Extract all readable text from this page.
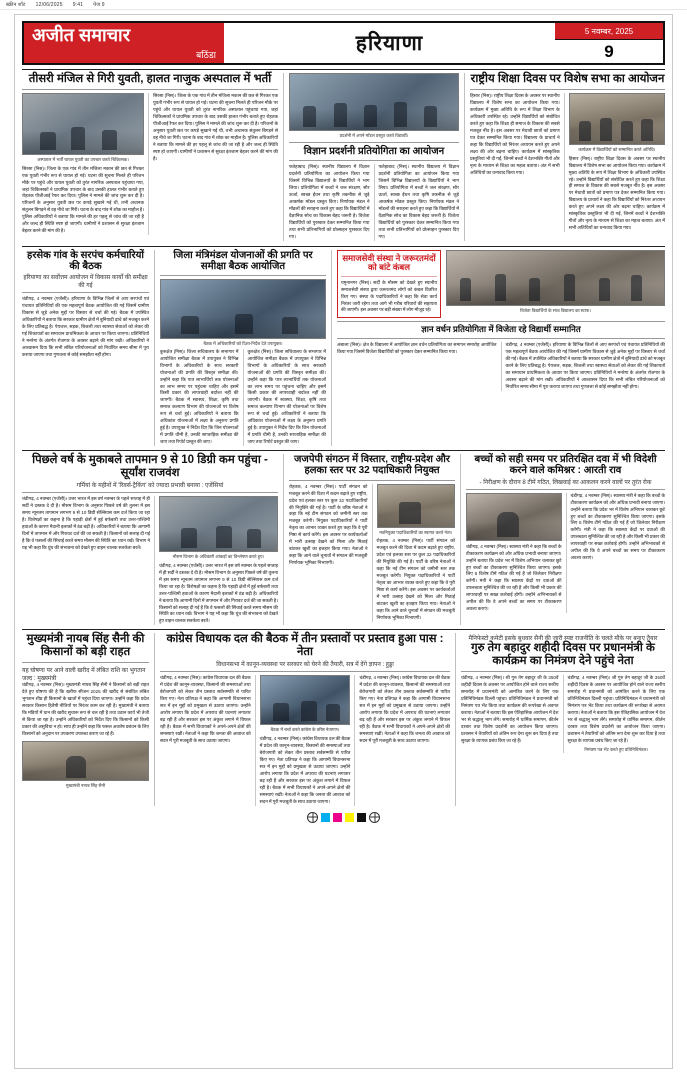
स्क्रीन शॉट 12/06/2025 9:41 पेज 9
अजीत समाचार
बठिंडा	हरियाणा
5 नवम्बर, 2025
9
तीसरी मंजिल से गिरी युवती, हालत नाजुक अस्पताल में भर्ती
अस्पताल में भर्ती घायल युवती का उपचार करते चिकित्सक।
सिरसा (निस)। जिला के एक गांव में तीन मंजिला मकान की छत से गिरकर एक युवती गंभीर रूप से घायल हो गई। घटना की सूचना मिलते ही परिजन मौके पर पहुंचे और घायल युवती को तुरंत नागरिक अस्पताल पहुंचाया गया, जहां चिकित्सकों ने प्राथमिक उपचार के बाद उसकी हालत गंभीर बताते हुए रोहतक पीजीआई रैफर कर दिया। पुलिस ने मामले की जांच शुरू कर दी है। परिजनों के अनुसार युवती छत पर कपड़े सुखाने गई थी, तभी अचानक संतुलन बिगड़ने से वह नीचे जा गिरी। घटना के बाद गांव में शोक का माहौल है। पुलिस अधिकारियों ने बताया कि मामले की हर पहलू से जांच की जा रही है और जल्द ही स्थिति स्पष्ट हो जाएगी। ग्रामीणों ने प्रशासन से सुरक्षा इंतजाम बेहतर करने की मांग की है।
सिरसा (निस)। जिला के एक गांव में तीन मंजिला मकान की छत से गिरकर एक युवती गंभीर रूप से घायल हो गई। घटना की सूचना मिलते ही परिजन मौके पर पहुंचे और घायल युवती को तुरंत नागरिक अस्पताल पहुंचाया गया, जहां चिकित्सकों ने प्राथमिक उपचार के बाद उसकी हालत गंभीर बताते हुए रोहतक पीजीआई रैफर कर दिया। पुलिस ने मामले की जांच शुरू कर दी है। परिजनों के अनुसार युवती छत पर कपड़े सुखाने गई थी, तभी अचानक संतुलन बिगड़ने से वह नीचे जा गिरी। घटना के बाद गांव में शोक का माहौल है। पुलिस अधिकारियों ने बताया कि मामले की हर पहलू से जांच की जा रही है और जल्द ही स्थिति स्पष्ट हो जाएगी। ग्रामीणों ने प्रशासन से सुरक्षा इंतजाम बेहतर करने की मांग की है।
प्रदर्शनी में अपने मॉडल प्रस्तुत करते विद्यार्थी।
विज्ञान प्रदर्शनी प्रतियोगिता का आयोजन
फतेहाबाद (निस)। स्थानीय विद्यालय में विज्ञान प्रदर्शनी प्रतियोगिता का आयोजन किया गया जिसमें विभिन्न विद्यालयों के विद्यार्थियों ने भाग लिया। प्रतियोगिता में बच्चों ने जल संरक्षण, सौर ऊर्जा, स्वच्छ ईंधन तथा कृषि तकनीक से जुड़े आकर्षक मॉडल प्रस्तुत किए। निर्णायक मंडल ने मॉडलों की सराहना करते हुए कहा कि विद्यार्थियों में वैज्ञानिक सोच का विकास बेहद जरूरी है। विजेता विद्यार्थियों को पुरस्कार देकर सम्मानित किया गया तथा सभी प्रतिभागियों को प्रोत्साहन पुरस्कार दिए गए।
फतेहाबाद (निस)। स्थानीय विद्यालय में विज्ञान प्रदर्शनी प्रतियोगिता का आयोजन किया गया जिसमें विभिन्न विद्यालयों के विद्यार्थियों ने भाग लिया। प्रतियोगिता में बच्चों ने जल संरक्षण, सौर ऊर्जा, स्वच्छ ईंधन तथा कृषि तकनीक से जुड़े आकर्षक मॉडल प्रस्तुत किए। निर्णायक मंडल ने मॉडलों की सराहना करते हुए कहा कि विद्यार्थियों में वैज्ञानिक सोच का विकास बेहद जरूरी है। विजेता विद्यार्थियों को पुरस्कार देकर सम्मानित किया गया तथा सभी प्रतिभागियों को प्रोत्साहन पुरस्कार दिए गए।
राष्ट्रीय शिक्षा दिवस पर विशेष सभा का आयोजन
हिसार (निस)। राष्ट्रीय शिक्षा दिवस के अवसर पर स्थानीय विद्यालय में विशेष सभा का आयोजन किया गया। कार्यक्रम में मुख्य अतिथि के रूप में शिक्षा विभाग के अधिकारी उपस्थित रहे। उन्होंने विद्यार्थियों को संबोधित करते हुए कहा कि शिक्षा ही समाज के विकास की सबसे मजबूत नींव है। इस अवसर पर मेधावी छात्रों को प्रमाण पत्र देकर सम्मानित किया गया। विद्यालय के प्राचार्य ने कहा कि विद्यार्थियों को निरंतर अध्ययन करते हुए अपने लक्ष्य की ओर बढ़ना चाहिए। कार्यक्रम में सांस्कृतिक प्रस्तुतियां भी दी गईं, जिनमें बच्चों ने देशभक्ति गीतों और नृत्य के माध्यम से शिक्षा का महत्व बताया। अंत में सभी अतिथियों का धन्यवाद किया गया।
कार्यक्रम में विद्यार्थियों को सम्मानित करते अतिथि।
हिसार (निस)। राष्ट्रीय शिक्षा दिवस के अवसर पर स्थानीय विद्यालय में विशेष सभा का आयोजन किया गया। कार्यक्रम में मुख्य अतिथि के रूप में शिक्षा विभाग के अधिकारी उपस्थित रहे। उन्होंने विद्यार्थियों को संबोधित करते हुए कहा कि शिक्षा ही समाज के विकास की सबसे मजबूत नींव है। इस अवसर पर मेधावी छात्रों को प्रमाण पत्र देकर सम्मानित किया गया। विद्यालय के प्राचार्य ने कहा कि विद्यार्थियों को निरंतर अध्ययन करते हुए अपने लक्ष्य की ओर बढ़ना चाहिए। कार्यक्रम में सांस्कृतिक प्रस्तुतियां भी दी गईं, जिनमें बच्चों ने देशभक्ति गीतों और नृत्य के माध्यम से शिक्षा का महत्व बताया। अंत में सभी अतिथियों का धन्यवाद किया गया।
हरसेक गांव के सरपंच कर्मचारियों की बैठक
हरियाणा का सर्वोत्तम आयोजन में विकास कार्यों की समीक्षा की गई
चंडीगढ़, 4 नवम्बर (एजेंसी)। हरियाणा के विभिन्न जिलों से आए सरपंचों एवं पंचायत प्रतिनिधियों की एक महत्वपूर्ण बैठक आयोजित की गई जिसमें ग्रामीण विकास से जुड़े अनेक मुद्दों पर विस्तार से चर्चा की गई। बैठक में उपस्थित अधिकारियों ने बताया कि सरकार ग्रामीण क्षेत्रों में बुनियादी ढांचे को मजबूत करने के लिए प्रतिबद्ध है। पेयजल, सड़क, बिजली तथा स्वास्थ्य सेवाओं को लेकर की गई शिकायतों का समाधान प्राथमिकता के आधार पर किया जाएगा। प्रतिनिधियों ने मनरेगा के अंतर्गत रोजगार के अवसर बढ़ाने की मांग रखी। अधिकारियों ने आश्वासन दिया कि सभी लंबित परियोजनाओं को निर्धारित समय सीमा में पूरा कराया जाएगा तथा गुणवत्ता से कोई समझौता नहीं होगा।
जिला मंत्रिमंडल योजनाओं की प्रगति पर समीक्षा बैठक आयोजित
बैठक में अधिकारियों को दिशा-निर्देश देते उपायुक्त।
कुरुक्षेत्र (निस)। जिला सचिवालय के सभागार में आयोजित समीक्षा बैठक में उपायुक्त ने विभिन्न विभागों के अधिकारियों के साथ सरकारी योजनाओं की प्रगति की विस्तृत समीक्षा की। उन्होंने कहा कि पात्र लाभार्थियों तक योजनाओं का लाभ समय पर पहुंचना चाहिए और इसमें किसी प्रकार की लापरवाही बर्दाश्त नहीं की जाएगी। बैठक में स्वास्थ्य, शिक्षा, कृषि तथा समाज कल्याण विभाग की योजनाओं पर विशेष रूप से चर्चा हुई। अधिकारियों ने बताया कि अधिकांश योजनाओं में लक्ष्य के अनुरूप प्रगति हुई है। उपायुक्त ने निर्देश दिए कि जिन योजनाओं में प्रगति धीमी है, उनकी साप्ताहिक समीक्षा की जाए तथा रिपोर्ट प्रस्तुत की जाए।
कुरुक्षेत्र (निस)। जिला सचिवालय के सभागार में आयोजित समीक्षा बैठक में उपायुक्त ने विभिन्न विभागों के अधिकारियों के साथ सरकारी योजनाओं की प्रगति की विस्तृत समीक्षा की। उन्होंने कहा कि पात्र लाभार्थियों तक योजनाओं का लाभ समय पर पहुंचना चाहिए और इसमें किसी प्रकार की लापरवाही बर्दाश्त नहीं की जाएगी। बैठक में स्वास्थ्य, शिक्षा, कृषि तथा समाज कल्याण विभाग की योजनाओं पर विशेष रूप से चर्चा हुई। अधिकारियों ने बताया कि अधिकांश योजनाओं में लक्ष्य के अनुरूप प्रगति हुई है। उपायुक्त ने निर्देश दिए कि जिन योजनाओं में प्रगति धीमी है, उनकी साप्ताहिक समीक्षा की जाए तथा रिपोर्ट प्रस्तुत की जाए।
समाजसेवी संस्था ने जरूरतमंदों को बांटे कंबल
यमुनानगर (निस)। सर्दी के मौसम को देखते हुए स्थानीय समाजसेवी संस्था द्वारा जरूरतमंद लोगों को कंबल वितरित किए गए। संस्था के पदाधिकारियों ने कहा कि सेवा कार्य निरंतर जारी रहेगा तथा आगे भी गरीब परिवारों की सहायता की जाएगी। इस अवसर पर बड़ी संख्या में लोग मौजूद रहे।	विजेता विद्यार्थियों के साथ विद्यालय का स्टाफ।
ज्ञान वर्धन प्रतियोगिता में विजेता रहे विद्यार्थी सम्मानित
अंबाला (निस)। क्षेत्र के विद्यालय में आयोजित ज्ञान वर्धन प्रतियोगिता का समापन समारोह आयोजित किया गया जिसमें विजेता विद्यार्थियों को पुरस्कार देकर सम्मानित किया गया।
चंडीगढ़, 4 नवम्बर (एजेंसी)। हरियाणा के विभिन्न जिलों से आए सरपंचों एवं पंचायत प्रतिनिधियों की एक महत्वपूर्ण बैठक आयोजित की गई जिसमें ग्रामीण विकास से जुड़े अनेक मुद्दों पर विस्तार से चर्चा की गई। बैठक में उपस्थित अधिकारियों ने बताया कि सरकार ग्रामीण क्षेत्रों में बुनियादी ढांचे को मजबूत करने के लिए प्रतिबद्ध है। पेयजल, सड़क, बिजली तथा स्वास्थ्य सेवाओं को लेकर की गई शिकायतों का समाधान प्राथमिकता के आधार पर किया जाएगा। प्रतिनिधियों ने मनरेगा के अंतर्गत रोजगार के अवसर बढ़ाने की मांग रखी। अधिकारियों ने आश्वासन दिया कि सभी लंबित परियोजनाओं को निर्धारित समय सीमा में पूरा कराया जाएगा तथा गुणवत्ता से कोई समझौता नहीं होगा।
पिछले वर्ष के मुकाबले तापमान 9 से 10 डिग्री कम पहुंचा - सूर्यांश राजवंश
गर्मियां के महीनों में 'रिवर्स-ट्रैकिंग' को ज्यादा प्रभावी बनाया : एजेंसियां
चंडीगढ़, 4 नवम्बर (एजेंसी)। उत्तर भारत में इस वर्ष नवम्बर के पहले सप्ताह में ही सर्दी ने दस्तक दे दी है। मौसम विभाग के अनुसार पिछले वर्ष की तुलना में इस समय न्यूनतम तापमान लगभग 9 से 10 डिग्री सेल्सियस कम दर्ज किया जा रहा है। विशेषज्ञों का कहना है कि पहाड़ी क्षेत्रों में हुई बर्फबारी तथा उत्तर-पश्चिमी हवाओं के कारण मैदानी इलाकों में ठंड बढ़ी है। अधिकारियों ने बताया कि आगामी दिनों में तापमान में और गिरावट दर्ज की जा सकती है। किसानों को सलाह दी गई है कि वे फसलों की सिंचाई करते समय मौसम की स्थिति का ध्यान रखें। विभाग ने यह भी कहा कि धुंध की संभावना को देखते हुए वाहन चालक सतर्कता बरतें।
मौसम विभाग के अधिकारी आंकड़ों का विश्लेषण करते हुए।
चंडीगढ़, 4 नवम्बर (एजेंसी)। उत्तर भारत में इस वर्ष नवम्बर के पहले सप्ताह में ही सर्दी ने दस्तक दे दी है। मौसम विभाग के अनुसार पिछले वर्ष की तुलना में इस समय न्यूनतम तापमान लगभग 9 से 10 डिग्री सेल्सियस कम दर्ज किया जा रहा है। विशेषज्ञों का कहना है कि पहाड़ी क्षेत्रों में हुई बर्फबारी तथा उत्तर-पश्चिमी हवाओं के कारण मैदानी इलाकों में ठंड बढ़ी है। अधिकारियों ने बताया कि आगामी दिनों में तापमान में और गिरावट दर्ज की जा सकती है। किसानों को सलाह दी गई है कि वे फसलों की सिंचाई करते समय मौसम की स्थिति का ध्यान रखें। विभाग ने यह भी कहा कि धुंध की संभावना को देखते हुए वाहन चालक सतर्कता बरतें।
जजपेपी संगठन में विस्तार, राष्ट्रीय-प्रदेश और हलका स्तर पर 32 पदाधिकारी नियुक्त
रोहतक, 4 नवम्बर (निस)। पार्टी संगठन को मजबूत करने की दिशा में कदम बढ़ाते हुए राष्ट्रीय, प्रदेश एवं हलका स्तर पर कुल 32 पदाधिकारियों की नियुक्ति की गई है। पार्टी के वरिष्ठ नेताओं ने कहा कि नई टीम संगठन को जमीनी स्तर तक मजबूत करेगी। नियुक्त पदाधिकारियों ने पार्टी नेतृत्व का आभार व्यक्त करते हुए कहा कि वे पूरी निष्ठा से कार्य करेंगे। इस अवसर पर कार्यकर्ताओं में भारी उत्साह देखने को मिला और मिठाई बांटकर खुशी का इजहार किया गया। नेताओं ने कहा कि आने वाले चुनावों में संगठन की मजबूती निर्णायक भूमिका निभाएगी।
नवनियुक्त पदाधिकारियों का स्वागत करते नेता।
रोहतक, 4 नवम्बर (निस)। पार्टी संगठन को मजबूत करने की दिशा में कदम बढ़ाते हुए राष्ट्रीय, प्रदेश एवं हलका स्तर पर कुल 32 पदाधिकारियों की नियुक्ति की गई है। पार्टी के वरिष्ठ नेताओं ने कहा कि नई टीम संगठन को जमीनी स्तर तक मजबूत करेगी। नियुक्त पदाधिकारियों ने पार्टी नेतृत्व का आभार व्यक्त करते हुए कहा कि वे पूरी निष्ठा से कार्य करेंगे। इस अवसर पर कार्यकर्ताओं में भारी उत्साह देखने को मिला और मिठाई बांटकर खुशी का इजहार किया गया। नेताओं ने कहा कि आने वाले चुनावों में संगठन की मजबूती निर्णायक भूमिका निभाएगी।
बच्चों को सही समय पर प्रतिरक्षित दवा में भी विदेशी करने वाले कमिश्नर : आरती राव
- निरीक्षण के दौरान 8 टीमें गठित, लिखवाई का आकलन करने वालों पर तुरंत रोक
चंडीगढ़, 4 नवम्बर (निस)। स्वास्थ्य मंत्री ने कहा कि बच्चों के टीकाकरण कार्यक्रम को और अधिक प्रभावी बनाया जाएगा। उन्होंने बताया कि प्रदेश भर में विशेष अभियान चलाकर छूटे हुए बच्चों का टीकाकरण सुनिश्चित किया जाएगा। इसके लिए 8 विशेष टीमें गठित की गई हैं जो जिलेवार निरीक्षण करेंगी। मंत्री ने कहा कि स्वास्थ्य केंद्रों पर दवाओं की उपलब्धता सुनिश्चित की जा रही है और किसी भी प्रकार की लापरवाही पर सख्त कार्रवाई होगी। उन्होंने अभिभावकों से अपील की कि वे अपने बच्चों का समय पर टीकाकरण अवश्य कराएं।
चंडीगढ़, 4 नवम्बर (निस)। स्वास्थ्य मंत्री ने कहा कि बच्चों के टीकाकरण कार्यक्रम को और अधिक प्रभावी बनाया जाएगा। उन्होंने बताया कि प्रदेश भर में विशेष अभियान चलाकर छूटे हुए बच्चों का टीकाकरण सुनिश्चित किया जाएगा। इसके लिए 8 विशेष टीमें गठित की गई हैं जो जिलेवार निरीक्षण करेंगी। मंत्री ने कहा कि स्वास्थ्य केंद्रों पर दवाओं की उपलब्धता सुनिश्चित की जा रही है और किसी भी प्रकार की लापरवाही पर सख्त कार्रवाई होगी। उन्होंने अभिभावकों से अपील की कि वे अपने बच्चों का समय पर टीकाकरण अवश्य कराएं।
मुख्यमंत्री नायब सिंह सैनी की किसानों को बड़ी राहत
यह घोषणा पर आने वाली खरीद में लंबित राशि का भुगतान जल्द : मुख्यमंत्री
चंडीगढ़, 4 नवम्बर (निस)। मुख्यमंत्री नायब सिंह सैनी ने किसानों को बड़ी राहत देते हुए घोषणा की है कि खरीफ सीजन 2025 की खरीद से संबंधित लंबित भुगतान शीघ्र ही किसानों के खातों में पहुंचा दिया जाएगा। उन्होंने कहा कि प्रदेश सरकार किसान हितैषी नीतियों पर निरंतर काम कर रही है। मुख्यमंत्री ने बताया कि मंडियों में धान की खरीद सुचारू रूप से चल रही है तथा उठान कार्य भी तेजी से किया जा रहा है। उन्होंने अधिकारियों को निर्देश दिए कि किसानों को किसी प्रकार की असुविधा न हो। साथ ही उन्होंने कहा कि फसल अवशेष प्रबंधन के लिए किसानों को अनुदान पर उपकरण उपलब्ध कराए जा रहे हैं।
मुख्यमंत्री नायब सिंह सैनी
कांग्रेस विधायक दल की बैठक में तीन प्रस्तावों पर प्रस्ताव हुआ पास : नेता
विधानसभा में कानून-व्यवस्था पर सरकार को घेरने की तैयारी, सत्र में देंगे ज्ञापन : हुड्डा
चंडीगढ़, 4 नवम्बर (निस)। कांग्रेस विधायक दल की बैठक में प्रदेश की कानून-व्यवस्था, किसानों की समस्याओं तथा बेरोजगारी को लेकर तीन प्रस्ताव सर्वसम्मति से पारित किए गए। नेता प्रतिपक्ष ने कहा कि आगामी विधानसभा सत्र में इन मुद्दों को प्रमुखता से उठाया जाएगा। उन्होंने आरोप लगाया कि प्रदेश में अपराध की घटनाएं लगातार बढ़ रही हैं और सरकार इस पर अंकुश लगाने में विफल रही है। बैठक में सभी विधायकों ने अपने-अपने क्षेत्रों की समस्याएं रखीं। नेताओं ने कहा कि जनता की आवाज को सदन में पूरी मजबूती के साथ उठाया जाएगा।
बैठक में चर्चा करते कांग्रेस के वरिष्ठ नेतागण।
चंडीगढ़, 4 नवम्बर (निस)। कांग्रेस विधायक दल की बैठक में प्रदेश की कानून-व्यवस्था, किसानों की समस्याओं तथा बेरोजगारी को लेकर तीन प्रस्ताव सर्वसम्मति से पारित किए गए। नेता प्रतिपक्ष ने कहा कि आगामी विधानसभा सत्र में इन मुद्दों को प्रमुखता से उठाया जाएगा। उन्होंने आरोप लगाया कि प्रदेश में अपराध की घटनाएं लगातार बढ़ रही हैं और सरकार इस पर अंकुश लगाने में विफल रही है। बैठक में सभी विधायकों ने अपने-अपने क्षेत्रों की समस्याएं रखीं। नेताओं ने कहा कि जनता की आवाज को सदन में पूरी मजबूती के साथ उठाया जाएगा।
चंडीगढ़, 4 नवम्बर (निस)। कांग्रेस विधायक दल की बैठक में प्रदेश की कानून-व्यवस्था, किसानों की समस्याओं तथा बेरोजगारी को लेकर तीन प्रस्ताव सर्वसम्मति से पारित किए गए। नेता प्रतिपक्ष ने कहा कि आगामी विधानसभा सत्र में इन मुद्दों को प्रमुखता से उठाया जाएगा। उन्होंने आरोप लगाया कि प्रदेश में अपराध की घटनाएं लगातार बढ़ रही हैं और सरकार इस पर अंकुश लगाने में विफल रही है। बैठक में सभी विधायकों ने अपने-अपने क्षेत्रों की समस्याएं रखीं। नेताओं ने कहा कि जनता की आवाज को सदन में पूरी मजबूती के साथ उठाया जाएगा।
मैनिफेस्टो कमेटी इसके बुधवार सैनी की जारी स्पष्ट राजनीति के चलते मौके पर बनाए तैयार
गुरु तेग बहादुर शहीदी दिवस पर प्रधानमंत्री के कार्यक्रम का निमंत्रण देने पहुंचे नेता
चंडीगढ़, 4 नवम्बर (निस)। श्री गुरु तेग बहादुर जी के 350वें शहीदी दिवस के अवसर पर आयोजित होने वाले राज्य स्तरीय समारोह में प्रधानमंत्री को आमंत्रित करने के लिए एक प्रतिनिधिमंडल दिल्ली पहुंचा। प्रतिनिधिमंडल ने प्रधानमंत्री को निमंत्रण पत्र भेंट किया तथा कार्यक्रम की रूपरेखा से अवगत कराया। नेताओं ने बताया कि इस ऐतिहासिक आयोजन में देश भर से श्रद्धालु भाग लेंगे। समारोह में धार्मिक समागम, कीर्तन दरबार तथा विशेष प्रदर्शनी का आयोजन किया जाएगा। प्रशासन ने तैयारियों को अंतिम रूप देना शुरू कर दिया है तथा सुरक्षा के व्यापक प्रबंध किए जा रहे हैं।
चंडीगढ़, 4 नवम्बर (निस)। श्री गुरु तेग बहादुर जी के 350वें शहीदी दिवस के अवसर पर आयोजित होने वाले राज्य स्तरीय समारोह में प्रधानमंत्री को आमंत्रित करने के लिए एक प्रतिनिधिमंडल दिल्ली पहुंचा। प्रतिनिधिमंडल ने प्रधानमंत्री को निमंत्रण पत्र भेंट किया तथा कार्यक्रम की रूपरेखा से अवगत कराया। नेताओं ने बताया कि इस ऐतिहासिक आयोजन में देश भर से श्रद्धालु भाग लेंगे। समारोह में धार्मिक समागम, कीर्तन दरबार तथा विशेष प्रदर्शनी का आयोजन किया जाएगा। प्रशासन ने तैयारियों को अंतिम रूप देना शुरू कर दिया है तथा सुरक्षा के व्यापक प्रबंध किए जा रहे हैं।
निमंत्रण पत्र भेंट करते हुए प्रतिनिधिमंडल।
